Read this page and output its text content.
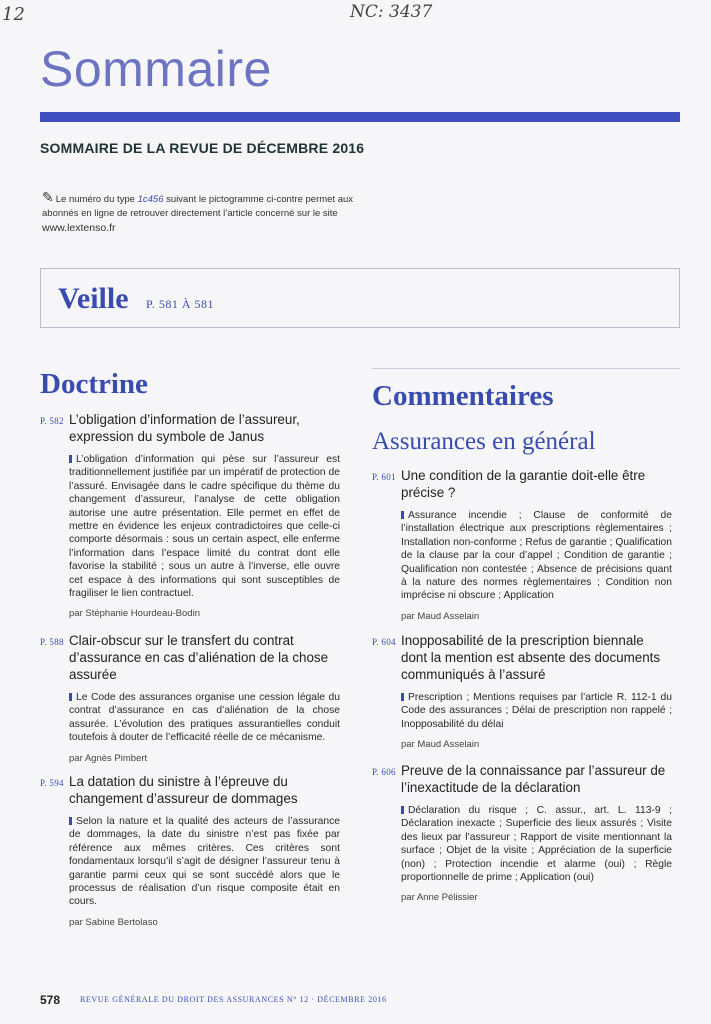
12	NC: 3437
Sommaire
SOMMAIRE DE LA REVUE DE DÉCEMBRE 2016
✎ Le numéro du type 1c456 suivant le pictogramme ci-contre permet aux abonnés en ligne de retrouver directement l’article concerné sur le site www.lextenso.fr
Veille P. 581 À 581
Doctrine
P. 582 L’obligation d’information de l’assureur, expression du symbole de Janus
L’obligation d’information qui pèse sur l’assureur est traditionnellement justifiée par un impératif de protection de l’assuré. Envisagée dans le cadre spécifique du thème du changement d’assureur, l’analyse de cette obligation autorise une autre présentation. Elle permet en effet de mettre en évidence les enjeux contradictoires que celle-ci comporte désormais : sous un certain aspect, elle enferme l’information dans l’espace limité du contrat dont elle favorise la stabilité ; sous un autre à l’inverse, elle ouvre cet espace à des informations qui sont susceptibles de fragiliser le lien contractuel.
par Stéphanie Hourdeau-Bodin
P. 588 Clair-obscur sur le transfert du contrat d’assurance en cas d’aliénation de la chose assurée
Le Code des assurances organise une cession légale du contrat d’assurance en cas d’aliénation de la chose assurée. L’évolution des pratiques assurantielles conduit toutefois à douter de l’efficacité réelle de ce mécanisme.
par Agnès Pimbert
P. 594 La datation du sinistre à l’épreuve du changement d’assureur de dommages
Selon la nature et la qualité des acteurs de l’assurance de dommages, la date du sinistre n’est pas fixée par référence aux mêmes critères. Ces critères sont fondamentaux lorsqu’il s’agit de désigner l’assureur tenu à garantie parmi ceux qui se sont succédé alors que le processus de réalisation d’un risque composite était en cours.
par Sabine Bertolaso
Commentaires
Assurances en général
P. 601 Une condition de la garantie doit-elle être précise ?
Assurance incendie ; Clause de conformité de l’installation électrique aux prescriptions règlementaires ; Installation non-conforme ; Refus de garantie ; Qualification de la clause par la cour d’appel ; Condition de garantie ; Qualification non contestée ; Absence de précisions quant à la nature des normes règlementaires ; Condition non imprécise ni obscure ; Application
par Maud Asselain
P. 604 Inopposabilité de la prescription biennale dont la mention est absente des documents communiqués à l’assuré
Prescription ; Mentions requises par l’article R. 112-1 du Code des assurances ; Délai de prescription non rappelé ; Inopposabilité du délai
par Maud Asselain
P. 606 Preuve de la connaissance par l’assureur de l’inexactitude de la déclaration
Déclaration du risque ; C. assur., art. L. 113-9 ; Déclaration inexacte ; Superficie des lieux assurés ; Visite des lieux par l’assureur ; Rapport de visite mentionnant la surface ; Objet de la visite ; Appréciation de la superficie (non) ; Protection incendie et alarme (oui) ; Règle proportionnelle de prime ; Application (oui)
par Anne Pélissier
578 REVUE GÉNÉRALE DU DROIT DES ASSURANCES N° 12 · DÉCEMBRE 2016
